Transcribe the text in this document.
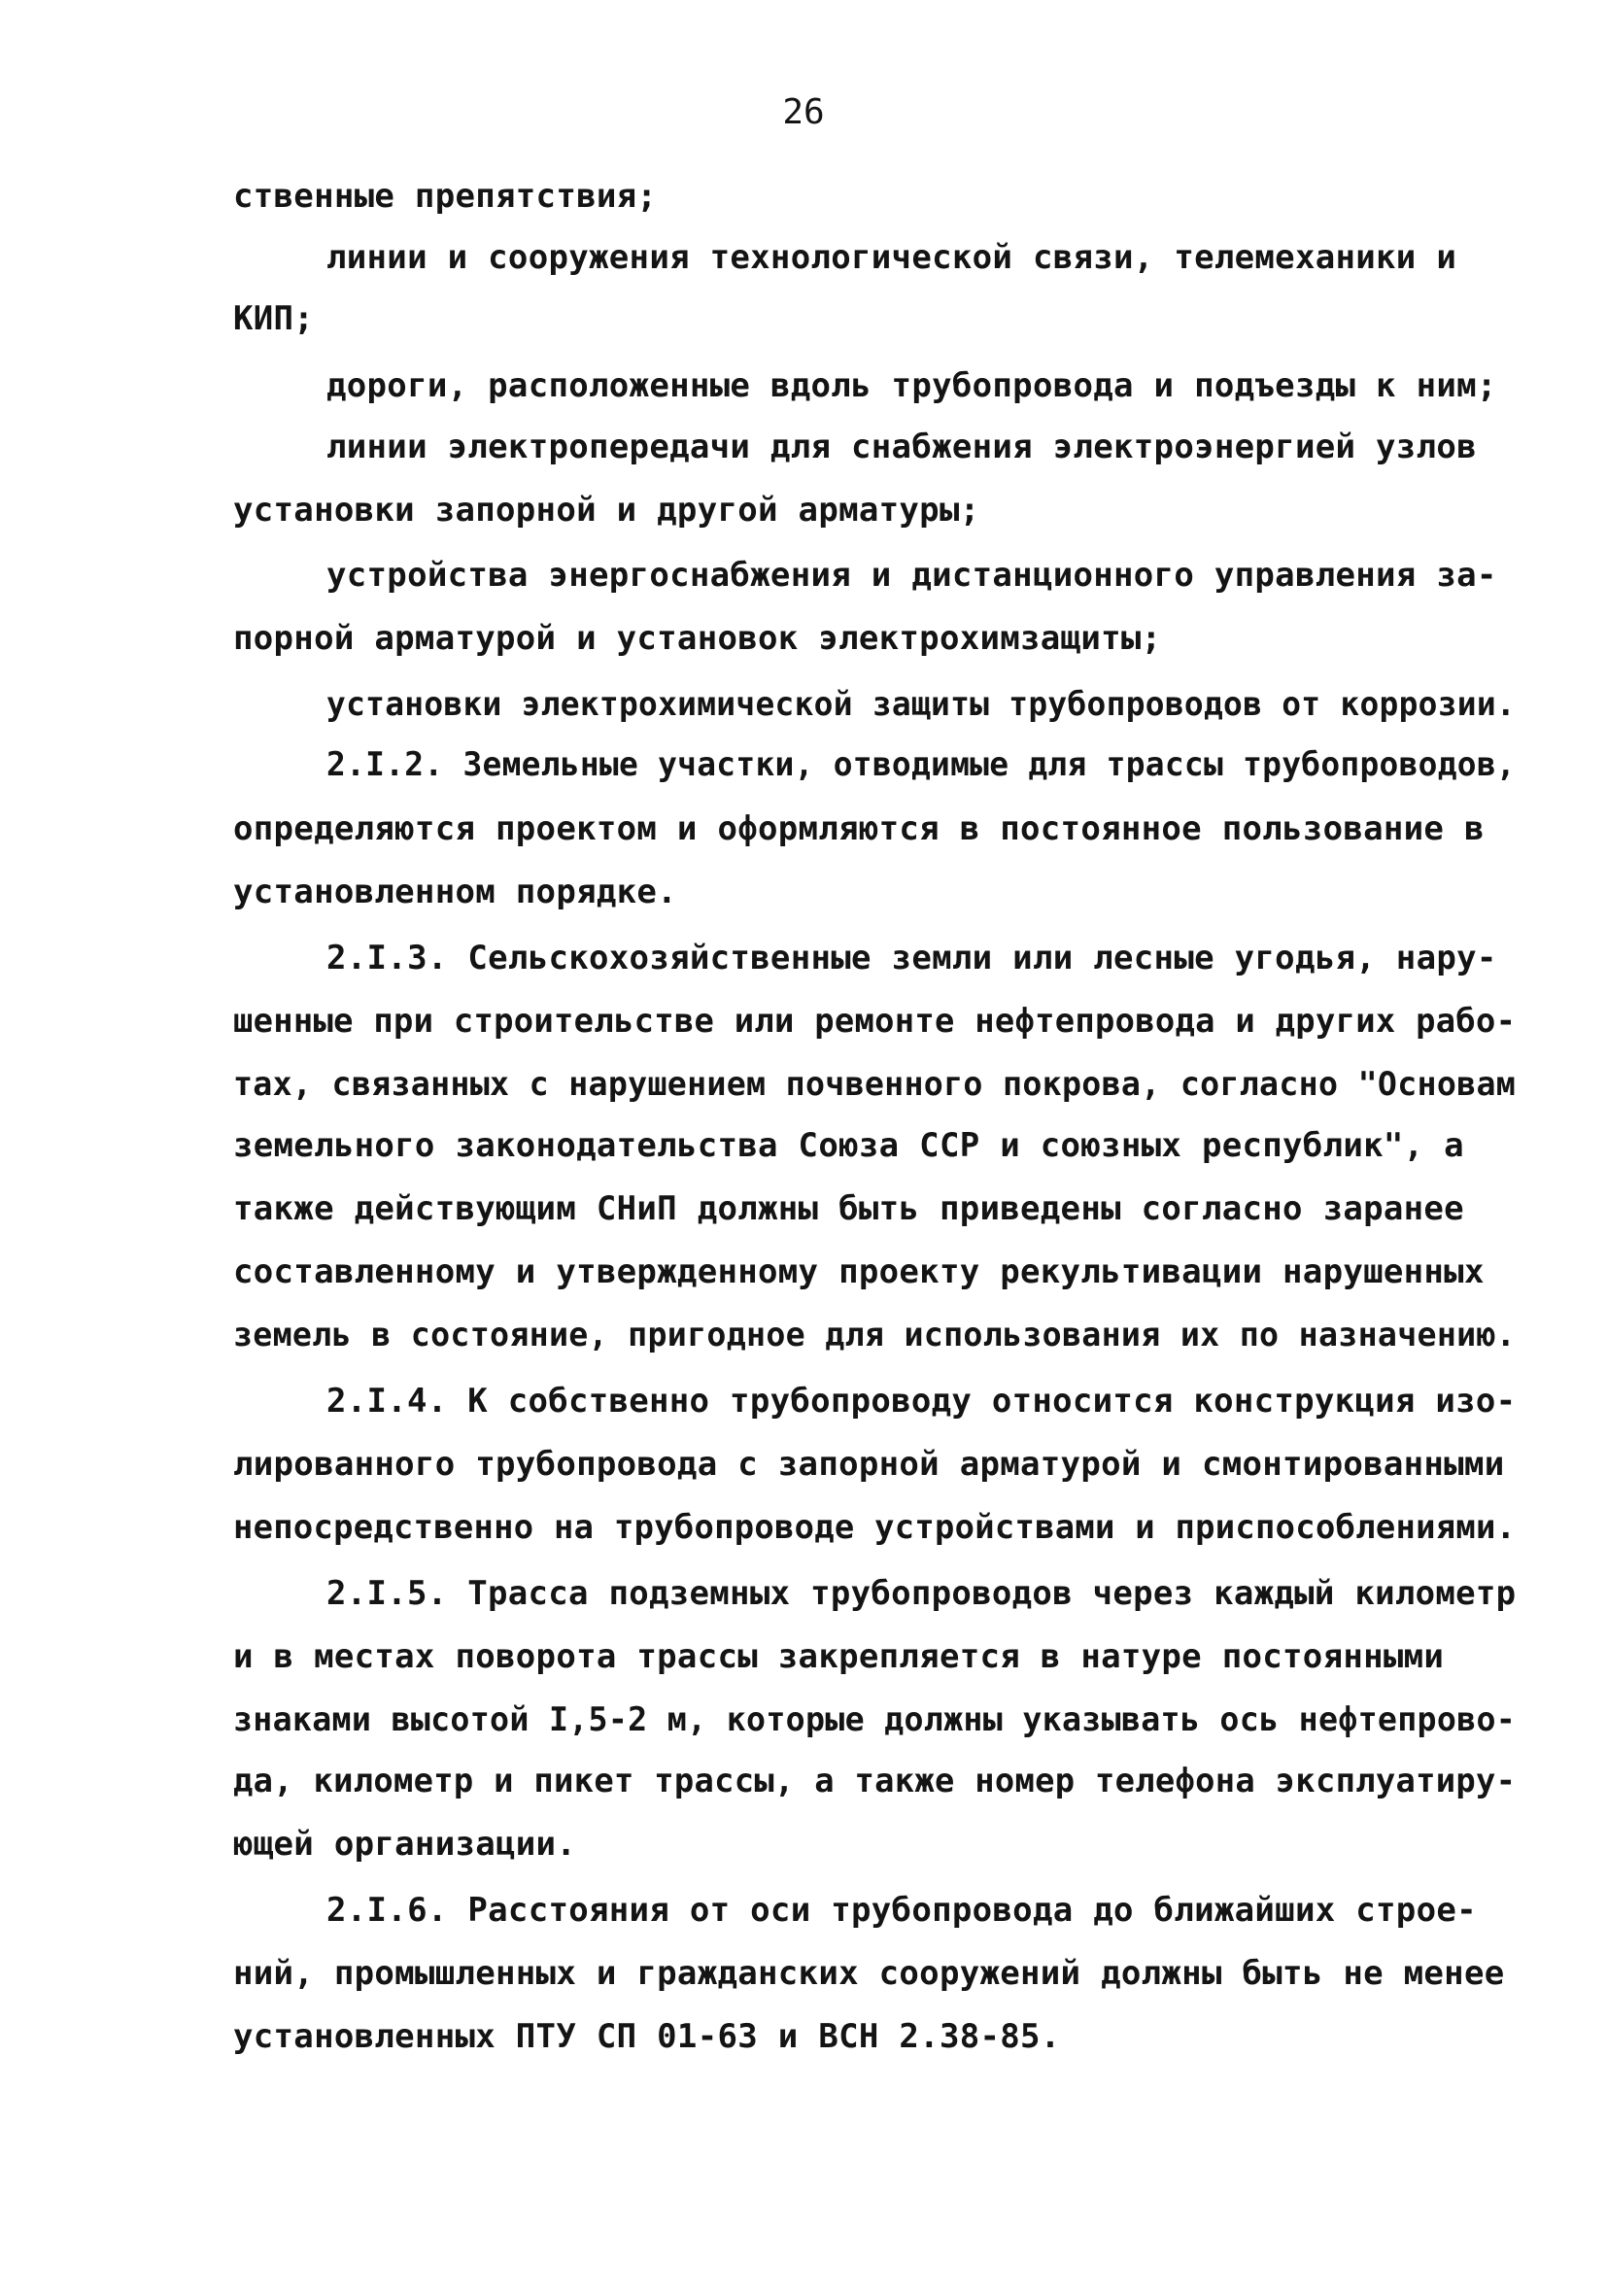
26
ственные препятствия;
линии и сооружения технологической связи, телемеханики и
КИП;
дороги, расположенные вдоль трубопровода и подъезды к ним;
линии электропередачи для снабжения электроэнергией узлов
установки запорной и другой арматуры;
устройства энергоснабжения и дистанционного управления за-
порной арматурой и установок электрохимзащиты;
установки электрохимической защиты трубопроводов от коррозии.
2.I.2. Земельные участки, отводимые для трассы трубопроводов,
определяются проектом и оформляются в постоянное пользование в
установленном порядке.
2.I.3. Сельскохозяйственные земли или лесные угодья, нару-
шенные при строительстве или ремонте нефтепровода и других рабо-
тах, связанных с нарушением почвенного покрова, согласно "Основам
земельного законодательства Союза ССР и союзных республик", а
также действующим СНиП должны быть приведены согласно заранее
составленному и утвержденному проекту рекультивации нарушенных
земель в состояние, пригодное для использования их по назначению.
2.I.4. К собственно трубопроводу относится конструкция изо-
лированного трубопровода с запорной арматурой и смонтированными
непосредственно на трубопроводе устройствами и приспособлениями.
2.I.5. Трасса подземных трубопроводов через каждый километр
и в местах поворота трассы закрепляется в натуре постоянными
знаками высотой I,5-2 м, которые должны указывать ось нефтепрово-
да, километр и пикет трассы, а также номер телефона эксплуатиру-
ющей организации.
2.I.6. Расстояния от оси трубопровода до ближайших строе-
ний, промышленных и гражданских сооружений должны быть не менее
установленных ПТУ СП 01-63 и ВСН 2.38-85.
